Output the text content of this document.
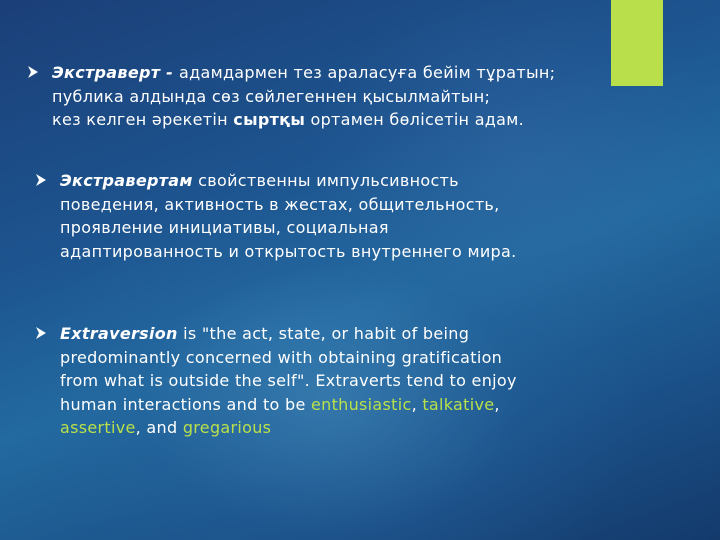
Экстраверт - адамдармен тез араласуға бейім тұратын;
публика алдында сөз сөйлегеннен қысылмайтын;
кез келген әрекетін сыртқы ортамен бөлісетін адам.
Экстравертам свойственны импульсивность
поведения, активность в жестах, общительность,
проявление инициативы, социальная
адаптированность и открытость внутреннего мира.
Extraversion is "the act, state, or habit of being
predominantly concerned with obtaining gratification
from what is outside the self". Extraverts tend to enjoy
human interactions and to be enthusiastic, talkative,
assertive, and gregarious
